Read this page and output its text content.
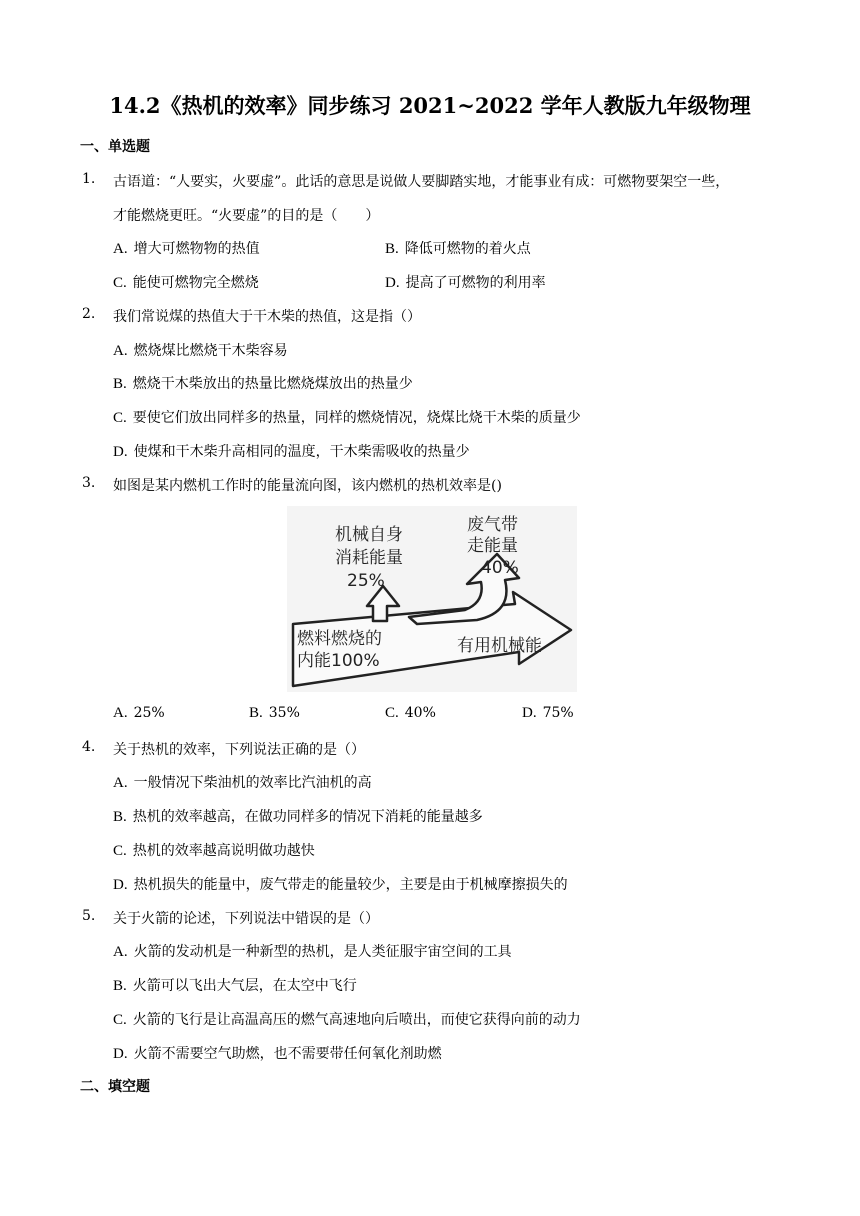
14.2《热机的效率》同步练习 2021~2022 学年人教版九年级物理
一、单选题
1. 古语道：“人要实，火要虚”。此话的意思是说做人要脚踏实地，才能事业有成：可燃物要架空一些，
才能燃烧更旺。“火要虚”的目的是（　　）
A. 增大可燃物物的热值	B. 降低可燃物的着火点
C. 能使可燃物完全燃烧	D. 提高了可燃物的利用率
2. 我们常说煤的热值大于干木柴的热值，这是指（）
A. 燃烧煤比燃烧干木柴容易
B. 燃烧干木柴放出的热量比燃烧煤放出的热量少
C. 要使它们放出同样多的热量，同样的燃烧情况，烧煤比烧干木柴的质量少
D. 使煤和干木柴升高相同的温度，干木柴需吸收的热量少
3. 如图是某内燃机工作时的能量流向图，该内燃机的热机效率是()
机械自身
消耗能量
25%
废气带
走能量
40%
燃料燃烧的
内能100%
有用机械能
A. 25%	B. 35%	C. 40%	D. 75%
4. 关于热机的效率，下列说法正确的是（）
A. 一般情况下柴油机的效率比汽油机的高
B. 热机的效率越高，在做功同样多的情况下消耗的能量越多
C. 热机的效率越高说明做功越快
D. 热机损失的能量中，废气带走的能量较少，主要是由于机械摩擦损失的
5. 关于火箭的论述，下列说法中错误的是（）
A. 火箭的发动机是一种新型的热机，是人类征服宇宙空间的工具
B. 火箭可以飞出大气层，在太空中飞行
C. 火箭的飞行是让高温高压的燃气高速地向后喷出，而使它获得向前的动力
D. 火箭不需要空气助燃，也不需要带任何氧化剂助燃
二、填空题
